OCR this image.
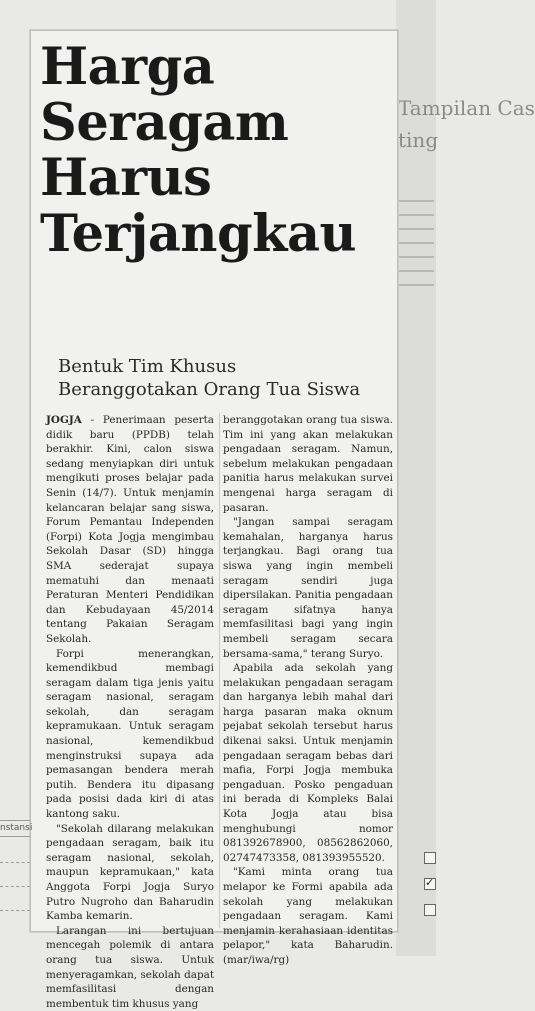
Tampilan Cas
ting
Harga
Seragam
Harus
Terjangkau
Bentuk Tim Khusus
Beranggotakan Orang Tua Siswa

JOGJA - Penerimaan peserta didik baru (PPDB) telah berakhir. Kini, calon siswa sedang menyiapkan diri untuk mengikuti proses belajar pada Senin (14/7). Untuk menjamin kelancaran belajar sang siswa, Forum Pemantau Independen (Forpi) Kota Jogja mengimbau Sekolah Dasar (SD) hingga SMA sederajat supaya mematuhi dan menaati Peraturan Menteri Pendidikan dan Kebudayaan 45/2014 tentang Pakaian Seragam Sekolah.

Forpi menerangkan, kemendikbud membagi seragam dalam tiga jenis yaitu seragam nasional, seragam sekolah, dan seragam kepramukaan. Untuk seragam nasional, kemendikbud menginstruksi supaya ada pemasangan bendera merah putih. Bendera itu dipasang pada posisi dada kiri di atas kantong saku.

"Sekolah dilarang melakukan pengadaan seragam, baik itu seragam nasional, sekolah, maupun kepramukaan," kata Anggota Forpi Jogja Suryo Putro Nugroho dan Baharudin Kamba kemarin.

Larangan ini bertujuan mencegah polemik di antara orang tua siswa. Untuk menyeragamkan, sekolah dapat memfasilitasi dengan membentuk tim khusus yang

beranggotakan orang tua siswa. Tim ini yang akan melakukan pengadaan seragam. Namun, sebelum melakukan pengadaan panitia harus melakukan survei mengenai harga seragam di pasaran.

"Jangan sampai seragam kemahalan, harganya harus terjangkau. Bagi orang tua siswa yang ingin membeli seragam sendiri juga dipersilakan. Panitia pengadaan seragam sifatnya hanya memfasilitasi bagi yang ingin membeli seragam secara bersama-sama," terang Suryo.

Apabila ada sekolah yang melakukan pengadaan seragam dan harganya lebih mahal dari harga pasaran maka oknum pejabat sekolah tersebut harus dikenai saksi. Untuk menjamin pengadaan seragam bebas dari mafia, Forpi Jogja membuka pengaduan. Posko pengaduan ini berada di Kompleks Balai Kota Jogja atau bisa menghubungi nomor 081392678900, 085628620​60, 02747473358, 081393955520.

"Kami minta orang tua melapor ke Formi apabila ada sekolah yang melakukan pengadaan seragam. Kami menjamin kerahasiaan identitas pelapor," kata Baharudin. (mar/iwa/rg)

nstansi
✓
